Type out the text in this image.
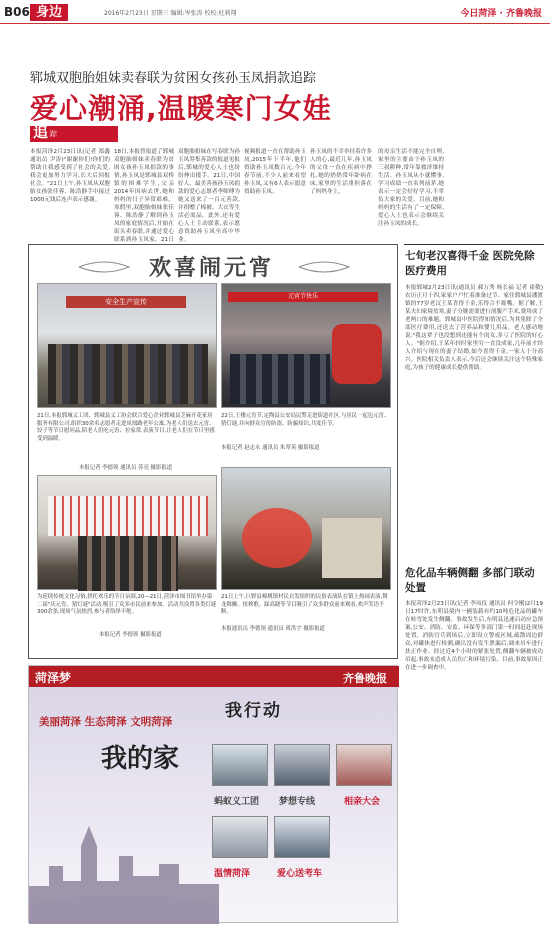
B06 身边	2016年2月23日 星期三 编辑:岑张涛 校校:杜莉翔	今日菏泽 · 齐鲁晚报
郓城双胞胎姐妹卖春联为贫困女孩孙玉凤捐款追踪
爱心潮涌,温暖寒门女娃
追 踪
本报菏泽2月23日讯(记者 郑鑫 通讯员 尹涛)"谢谢你们!你们的帮助让我感受到了社会的关爱,我会更加努力学习,长大后回报社会。"21日上午,孙玉凤从双胞胎女孩张佳蓉、陈浩静手中接过1000元钱后连声表示感谢。
18日,本报曾报道了郓城双胞胎姐妹卖春联为贫困女孩孙玉凤捐款的事情,孙玉凤是郓城县双桥镇的困难学生,父亲2014年因病去世,她和妈妈的日子异常艰难。寒假里,双胞胎姐妹张佳蓉、陈浩静了解到孙玉凤的家庭情况后,开始在街头卖春联,并通过爱心联系到孙玉凤家。21日
双胞胎姐妹在写春联为孙玉凤筹集善款的报道见报后,郓城的爱心人士也纷纷伸出援手。21日,中国好人、最美善孩孙玉凤捐款的爱心志愿者李师傅为她又送来了一百元善款,并捐赠了棉被、大衣等生活必需品。此外,还有爱心人士主动联系,表示愿意资助孙玉凤至高中毕业。
视频报道一直在帮助孙玉凤,2015年下半年,他们资助孙玉凤数百元,今年春节前,不少人前来看望孙玉凤,又有6人表示愿意资助孙玉凤。
孙玉凤的不幸牵挂着许多人的心,最近几年,孙玉凤的父母一直在疾病中挣扎,她的奶奶常年卧病在床,家里的生活重担落在了妈妈身上。
的母亲生活不能完全自理,家里的主要由于孙玉凤的三叔耕种,常年靠救济维持生活。孙玉凤从小就懂事,学习成绩一直名列前茅,她表示一定会好好学习,不辜负大家的关爱。目前,她和妈妈的生活有了一定保障,爱心人士也表示会继续关注孙玉凤的成长。
欢喜闹元宵
安全生产宣传
元宵节快乐
21日,本报郓城义工团、郓城县义工协会联合爱心企业郓城县芝麻开花家居服务有限公司,组织30余名志愿者走进凤凰路老年公寓,为老人们送去元宵、饺子等节日慰问品,陪老人们吃元宵、拉家常,表演节目,让老人们在节日里感受到温暖。
本报记者 李德领 通讯员 苏亮 摄影报道
22日,王楼元宵节,定陶县公安局民警走进街道社区,与居民一起包元宵、猜灯谜,并向群众宣传防盗、防骗知识,共度佳节。
本报记者 赵志永 通讯员 朱翠英 摄影报道
为延续传统文化习俗,拱托欢乐的节日氛围,20—21日,菏泽市图书馆举办第二届"庆元宵、猜灯谜"活动,吸引了众多市民前来参加。活动共设置各类灯谜300余条,现场气氛热烈,参与者络绎不绝。
本报记者 李德领 摄影报道
21日上午,巨野县棉桃镇村民自发组织的民俗表演队在镇上热闹表演,舞龙舞狮、扭秧歌、踩高跷等节目吸引了众多群众前来观看,欢声笑语不断。
本报通讯员 李德领 通讯员 蒋洪宇 摄影报道
七旬老汉喜得千金 医院免除医疗费用
本报郓城2月23日讯(通讯员 郝万秀 杨长福 记者 霍敬)农历正月十四,家家户户忙着准备过节。家住郓城县潘渡镇的77岁老汉王某喜得千金,乐得合不拢嘴。据了解,王某夫妇家境贫寒,妻子分娩需要进行剖腹产手术,费用成了老两口的难题。郓城县中医院得知情况后,为其免除了全部医疗费用,还送去了营养品和婴儿用品。老人感动地说:"我这辈子也没想到还能有个闺女,多亏了医院的好心人。"据介绍,王某年轻时家里穷一直没成家,几年前才经人介绍与现在的妻子结婚,如今喜得千金,一家人十分高兴。医院相关负责人表示,今后还会继续关注这个特殊家庭,为孩子的健康成长提供帮助。
危化品车辆侧翻 多部门联动处置
本报菏泽2月23日讯(记者 李凤仪 通讯员 何令刚)2月19日17时许,东明县境内一辆装载有约10吨危化品的罐车在转弯处发生侧翻。事故发生后,东明县迅速启动应急预案,公安、消防、安监、环保等多部门第一时间赶赴现场处置。消防官兵到场后,立即设立警戒区域,疏散周边群众,对罐体进行检测,确认没有发生泄漏后,调来吊车进行扶正作业。经过近4个小时的紧张处置,侧翻车辆被成功吊起,事故未造成人员伤亡和环境污染。目前,事故原因正在进一步调查中。
菏泽梦	齐鲁晚报
美丽菏泽 生态菏泽 文明菏泽
我的家
我行动
蚂蚁义工团 梦想专线	相亲大会
温情菏泽	爱心送考车
